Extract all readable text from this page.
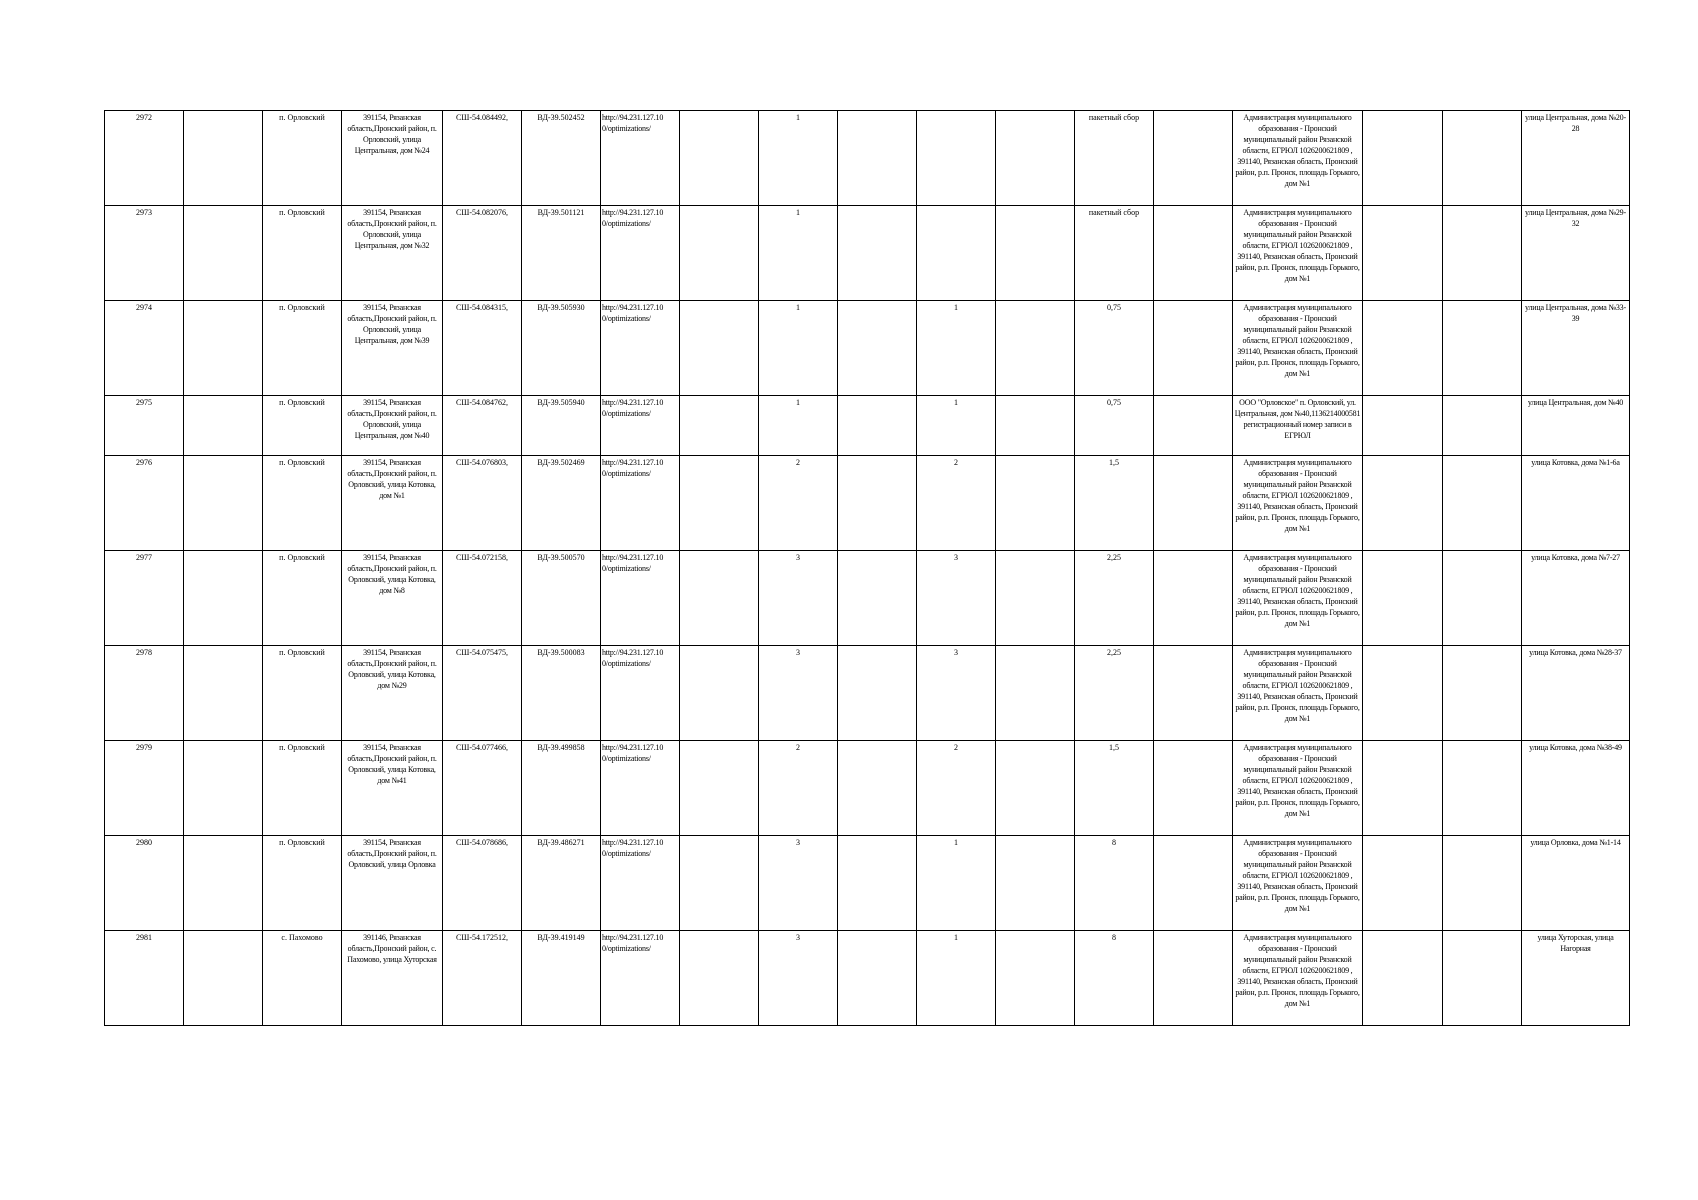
2972		п. Орловский	391154, Рязанская область,Пронский район, п. Орловский, улица Центральная, дом №24	СШ-54.084492,	ВД-39.502452	http://94.231.127.10 0/optimizations/		1				пакетный сбор		Администрация муниципального образования - Пронский муниципальный район Рязанской области, ЕГРЮЛ 1026200621809 , 391140, Рязанская область, Пронский район, р.п. Пронск, площадь Горького, дом №1			улица Центральная, дома №20-28
2973		п. Орловский	391154, Рязанская область,Пронский район, п. Орловский, улица Центральная, дом №32	СШ-54.082076,	ВД-39.501121	http://94.231.127.10 0/optimizations/		1				пакетный сбор		Администрация муниципального образования - Пронский муниципальный район Рязанской области, ЕГРЮЛ 1026200621809 , 391140, Рязанская область, Пронский район, р.п. Пронск, площадь Горького, дом №1			улица Центральная, дома №29-32
2974		п. Орловский	391154, Рязанская область,Пронский район, п. Орловский, улица Центральная, дом №39	СШ-54.084315,	ВД-39.505930	http://94.231.127.10 0/optimizations/		1		1		0,75		Администрация муниципального образования - Пронский муниципальный район Рязанской области, ЕГРЮЛ 1026200621809 , 391140, Рязанская область, Пронский район, р.п. Пронск, площадь Горького, дом №1			улица Центральная, дома №33-39
2975		п. Орловский	391154, Рязанская область,Пронский район, п. Орловский, улица Центральная, дом №40	СШ-54.084762,	ВД-39.505940	http://94.231.127.10 0/optimizations/		1		1		0,75		ООО "Орловское" п. Орловский, ул. Центральная, дом №40,1136214000581 регистрационный номер записи в ЕГРЮЛ			улица Центральная, дом №40
2976		п. Орловский	391154, Рязанская область,Пронский район, п. Орловский, улица Котовка, дом №1	СШ-54.076803,	ВД-39.502469	http://94.231.127.10 0/optimizations/		2		2		1,5		Администрация муниципального образования - Пронский муниципальный район Рязанской области, ЕГРЮЛ 1026200621809 , 391140, Рязанская область, Пронский район, р.п. Пронск, площадь Горького, дом №1			улица Котовка, дома №1-6а
2977		п. Орловский	391154, Рязанская область,Пронский район, п. Орловский, улица Котовка, дом №8	СШ-54.072158,	ВД-39.500570	http://94.231.127.10 0/optimizations/		3		3		2,25		Администрация муниципального образования - Пронский муниципальный район Рязанской области, ЕГРЮЛ 1026200621809 , 391140, Рязанская область, Пронский район, р.п. Пронск, площадь Горького, дом №1			улица Котовка, дома №7-27
2978		п. Орловский	391154, Рязанская область,Пронский район, п. Орловский, улица Котовка, дом №29	СШ-54.075475,	ВД-39.500083	http://94.231.127.10 0/optimizations/		3		3		2,25		Администрация муниципального образования - Пронский муниципальный район Рязанской области, ЕГРЮЛ 1026200621809 , 391140, Рязанская область, Пронский район, р.п. Пронск, площадь Горького, дом №1			улица Котовка, дома №28-37
2979		п. Орловский	391154, Рязанская область,Пронский район, п. Орловский, улица Котовка, дом №41	СШ-54.077466,	ВД-39.499858	http://94.231.127.10 0/optimizations/		2		2		1,5		Администрация муниципального образования - Пронский муниципальный район Рязанской области, ЕГРЮЛ 1026200621809 , 391140, Рязанская область, Пронский район, р.п. Пронск, площадь Горького, дом №1			улица Котовка, дома №38-49
2980		п. Орловский	391154, Рязанская область,Пронский район, п. Орловский, улица Орловка	СШ-54.078686,	ВД-39.486271	http://94.231.127.10 0/optimizations/		3		1		8		Администрация муниципального образования - Пронский муниципальный район Рязанской области, ЕГРЮЛ 1026200621809 , 391140, Рязанская область, Пронский район, р.п. Пронск, площадь Горького, дом №1			улица Орловка, дома №1-14
2981		с. Пахомово	391146, Рязанская область,Пронский район, с. Пахомово, улица Хуторская	СШ-54.172512,	ВД-39.419149	http://94.231.127.10 0/optimizations/		3		1		8		Администрация муниципального образования - Пронский муниципальный район Рязанской области, ЕГРЮЛ 1026200621809 , 391140, Рязанская область, Пронский район, р.п. Пронск, площадь Горького, дом №1			улица Хуторская, улица Нагорная
